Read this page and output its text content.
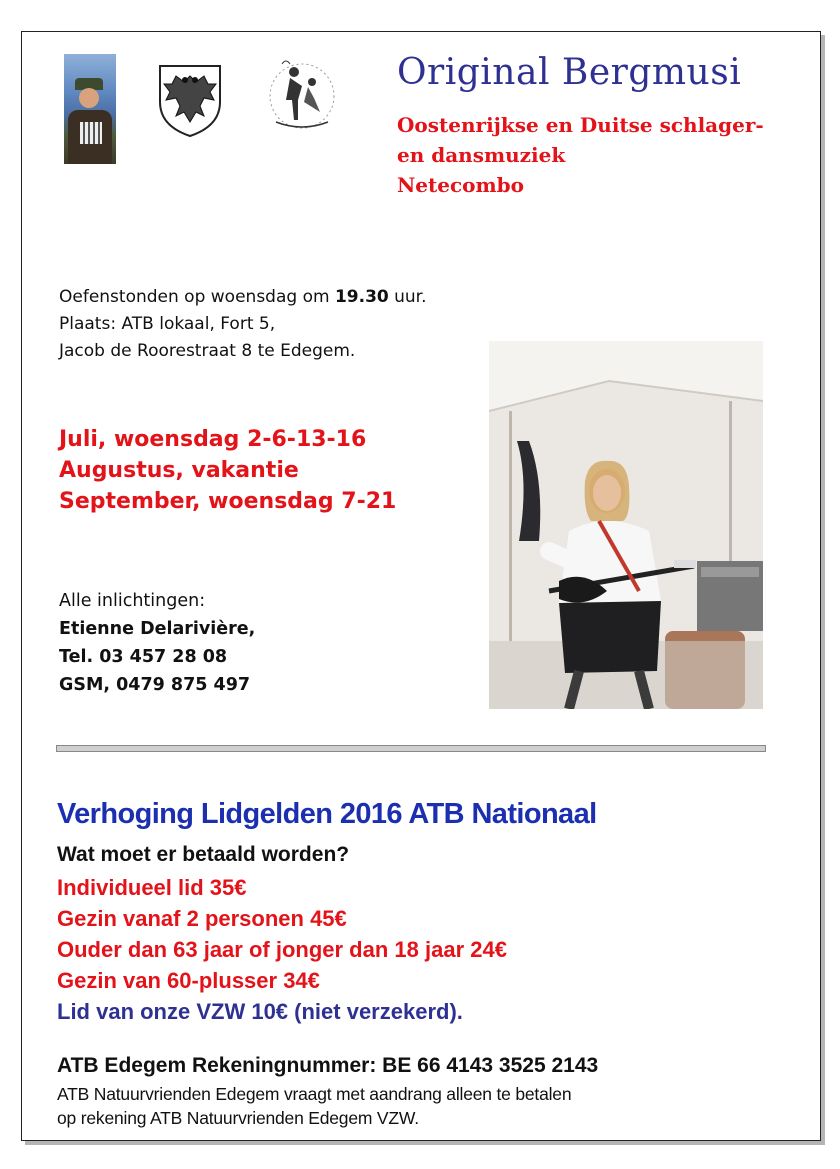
Original Bergmusi
Oostenrijkse en Duitse schlager-
en dansmuziek
Netecombo
Oefenstonden op woensdag om 19.30 uur.
Plaats: ATB lokaal, Fort 5,
Jacob de Roorestraat 8 te Edegem.
Juli, woensdag 2-6-13-16
Augustus, vakantie
September, woensdag 7-21
Alle inlichtingen:
Etienne Delarivière,
Tel. 03 457 28 08
GSM, 0479 875 497
Verhoging Lidgelden 2016 ATB Nationaal
Wat moet er betaald worden?
Individueel lid 35€
Gezin vanaf 2 personen 45€
Ouder dan 63 jaar of jonger dan 18 jaar 24€
Gezin van 60-plusser 34€
Lid van onze VZW 10€ (niet verzekerd).
ATB Edegem Rekeningnummer: BE 66 4143 3525 2143
ATB Natuurvrienden Edegem vraagt met aandrang alleen te betalen
op rekening ATB Natuurvrienden Edegem VZW.
